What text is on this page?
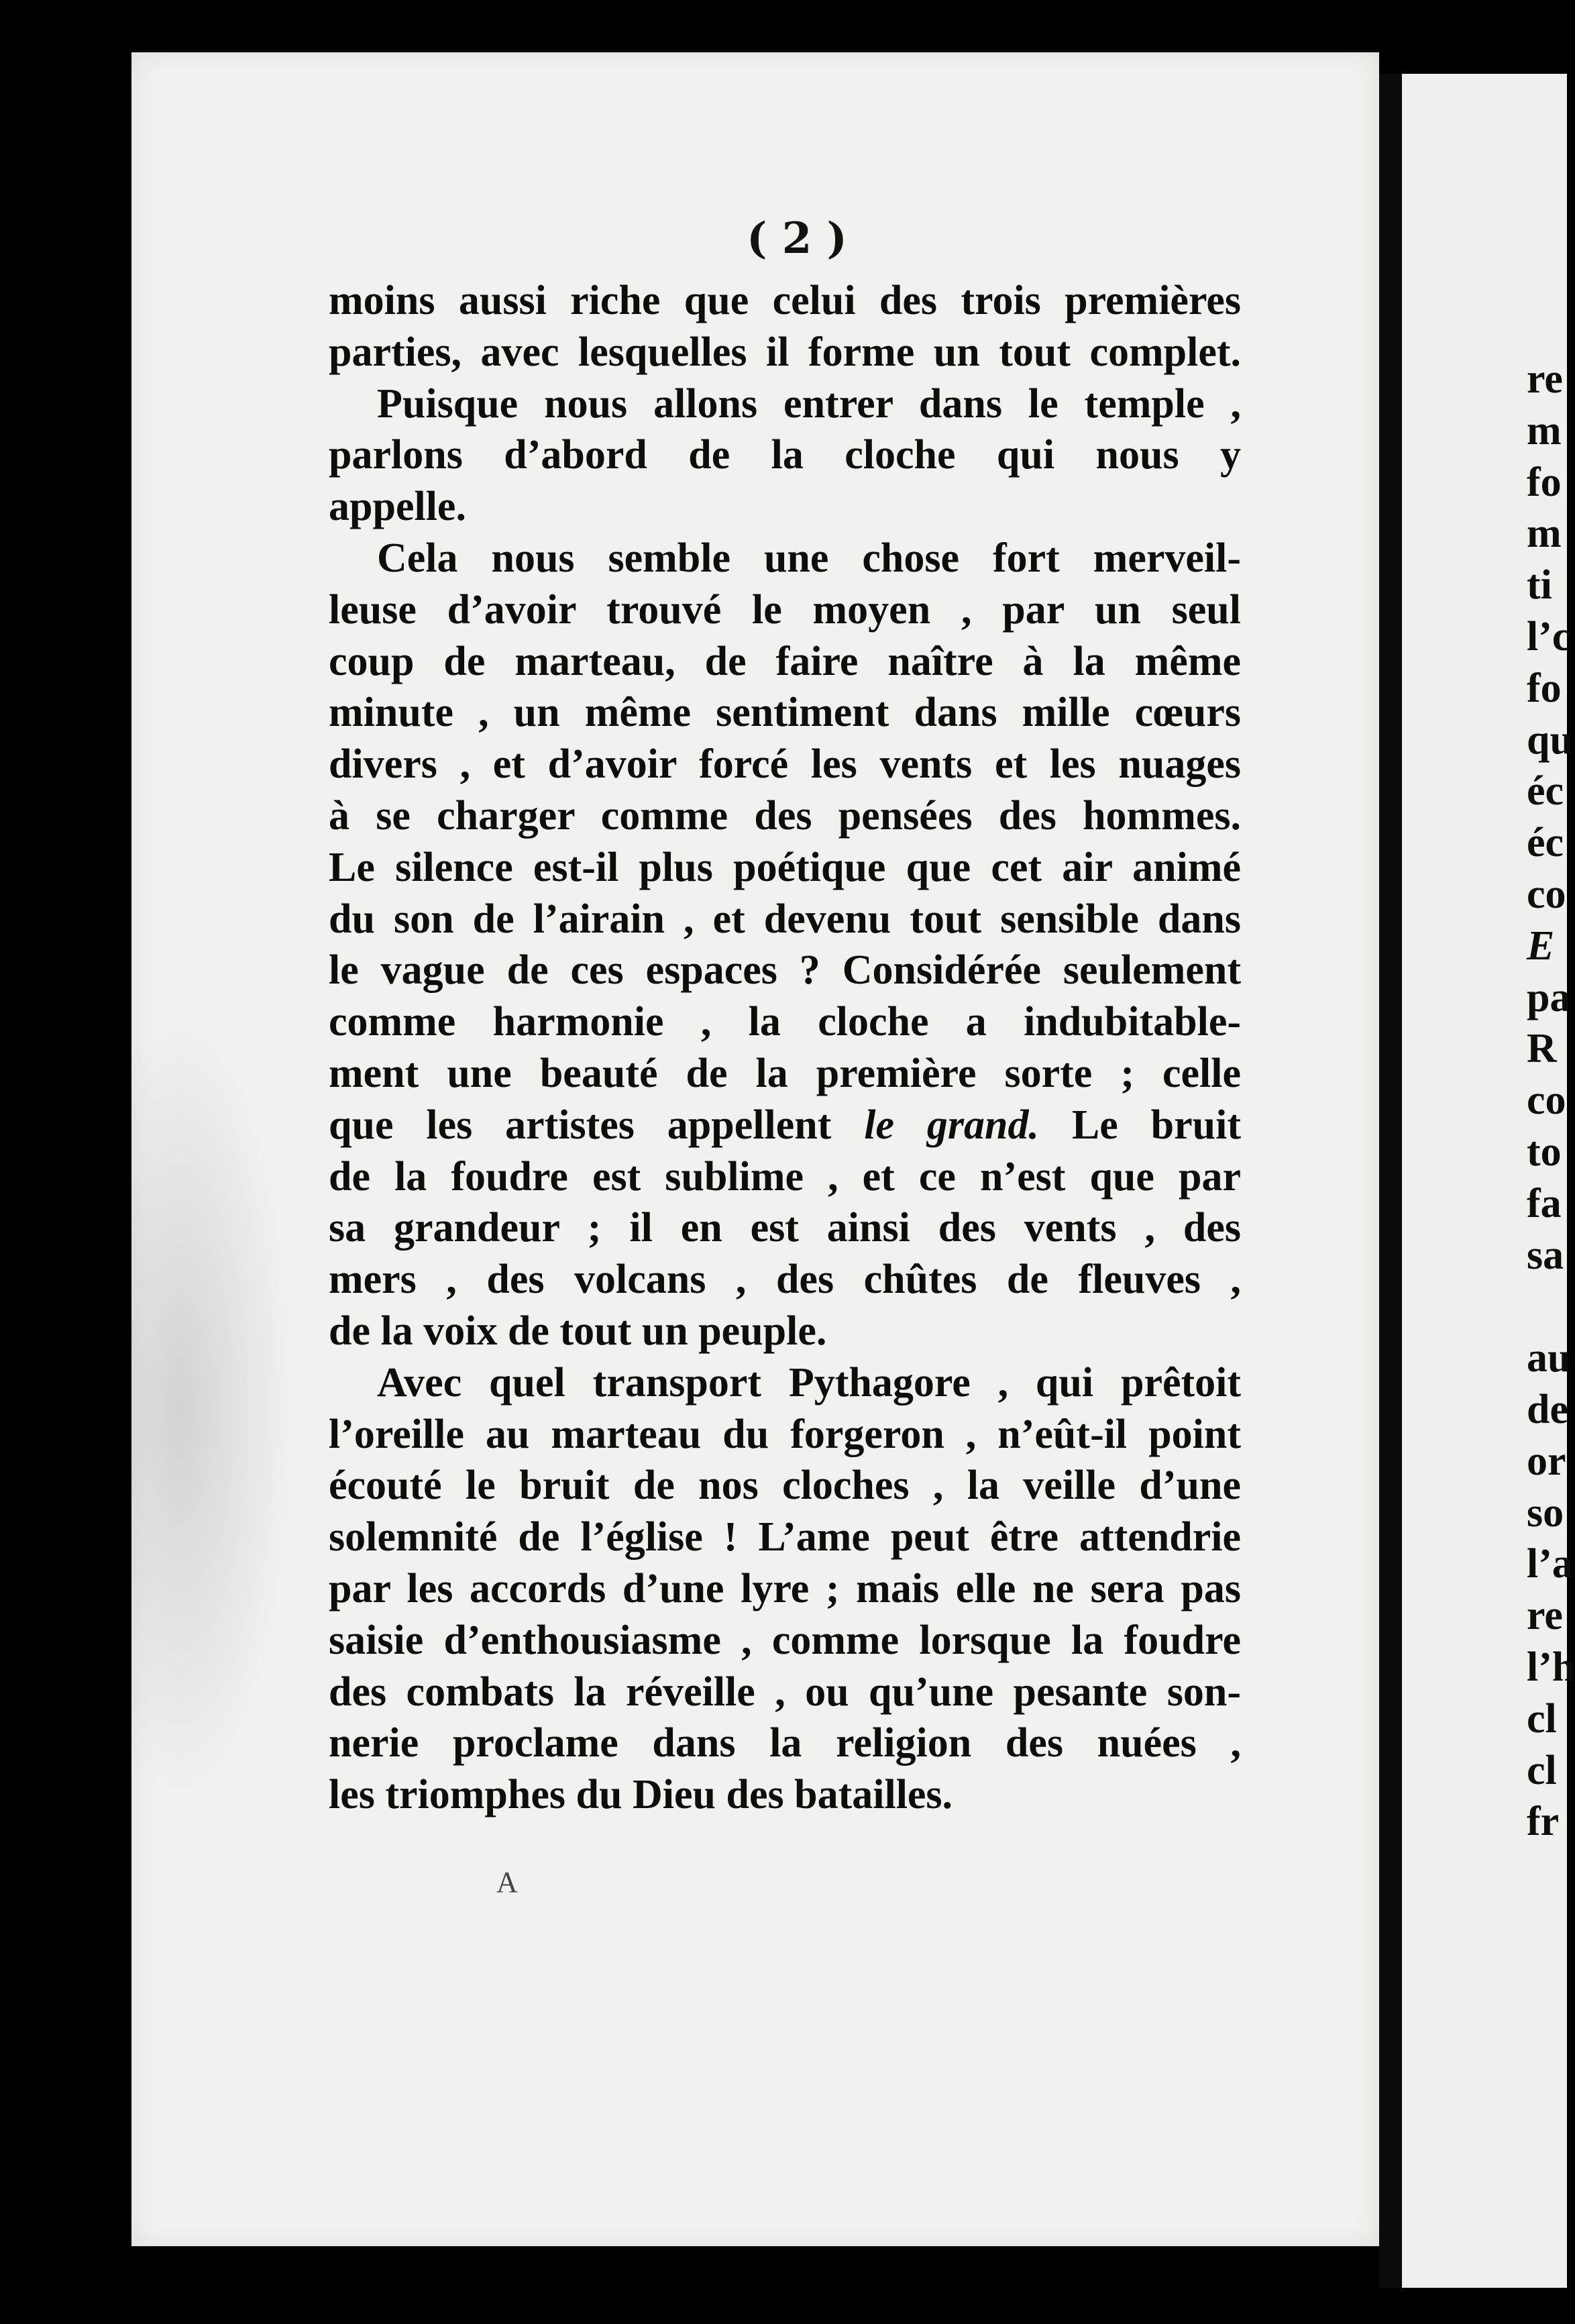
( 2 )
moins aussi riche que celui des trois premières
parties, avec lesquelles il forme un tout complet.
Puisque nous allons entrer dans le temple ,
parlons d’abord de la cloche qui nous y
appelle.
Cela nous semble une chose fort merveil-
leuse d’avoir trouvé le moyen , par un seul
coup de marteau, de faire naître à la même
minute , un même sentiment dans mille cœurs
divers , et d’avoir forcé les vents et les nuages
à se charger comme des pensées des hommes.
Le silence est-il plus poétique que cet air animé
du son de l’airain , et devenu tout sensible dans
le vague de ces espaces ? Considérée seulement
comme harmonie , la cloche a indubitable-
ment une beauté de la première sorte ; celle
que les artistes appellent le grand. Le bruit
de la foudre est sublime , et ce n’est que par
sa grandeur ; il en est ainsi des vents , des
mers , des volcans , des chûtes de fleuves ,
de la voix de tout un peuple.
Avec quel transport Pythagore , qui prêtoit
l’oreille au marteau du forgeron , n’eût-il point
écouté le bruit de nos cloches , la veille d’une
solemnité de l’église ! L’ame peut être attendrie
par les accords d’une lyre ; mais elle ne sera pas
saisie d’enthousiasme , comme lorsque la foudre
des combats la réveille , ou qu’une pesante son-
nerie proclame dans la religion des nuées ,
les triomphes du Dieu des batailles.
A
re
m
fo
m
ti
l’c
fo
qu
éc
éc
co
E
pa
R
co
to
fa
sa
au
de
or
so
l’a
re
l’h
cl
cl
fr
